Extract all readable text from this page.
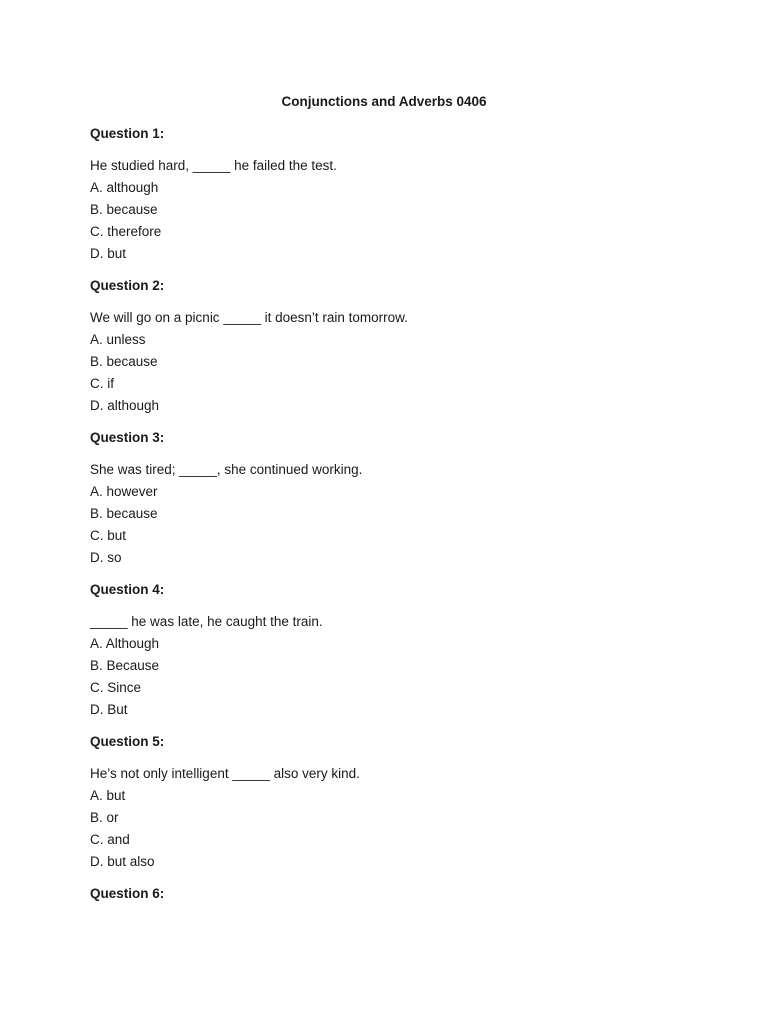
Conjunctions and Adverbs 0406

Question 1:

He studied hard, _____ he failed the test.

A. although
B. because
C. therefore
D. but

Question 2:

We will go on a picnic _____ it doesn’t rain tomorrow.

A. unless
B. because
C. if
D. although

Question 3:

She was tired; _____, she continued working.

A. however
B. because
C. but
D. so

Question 4:

_____ he was late, he caught the train.

A. Although
B. Because
C. Since
D. But

Question 5:

He’s not only intelligent _____ also very kind.

A. but
B. or
C. and
D. but also

Question 6:
